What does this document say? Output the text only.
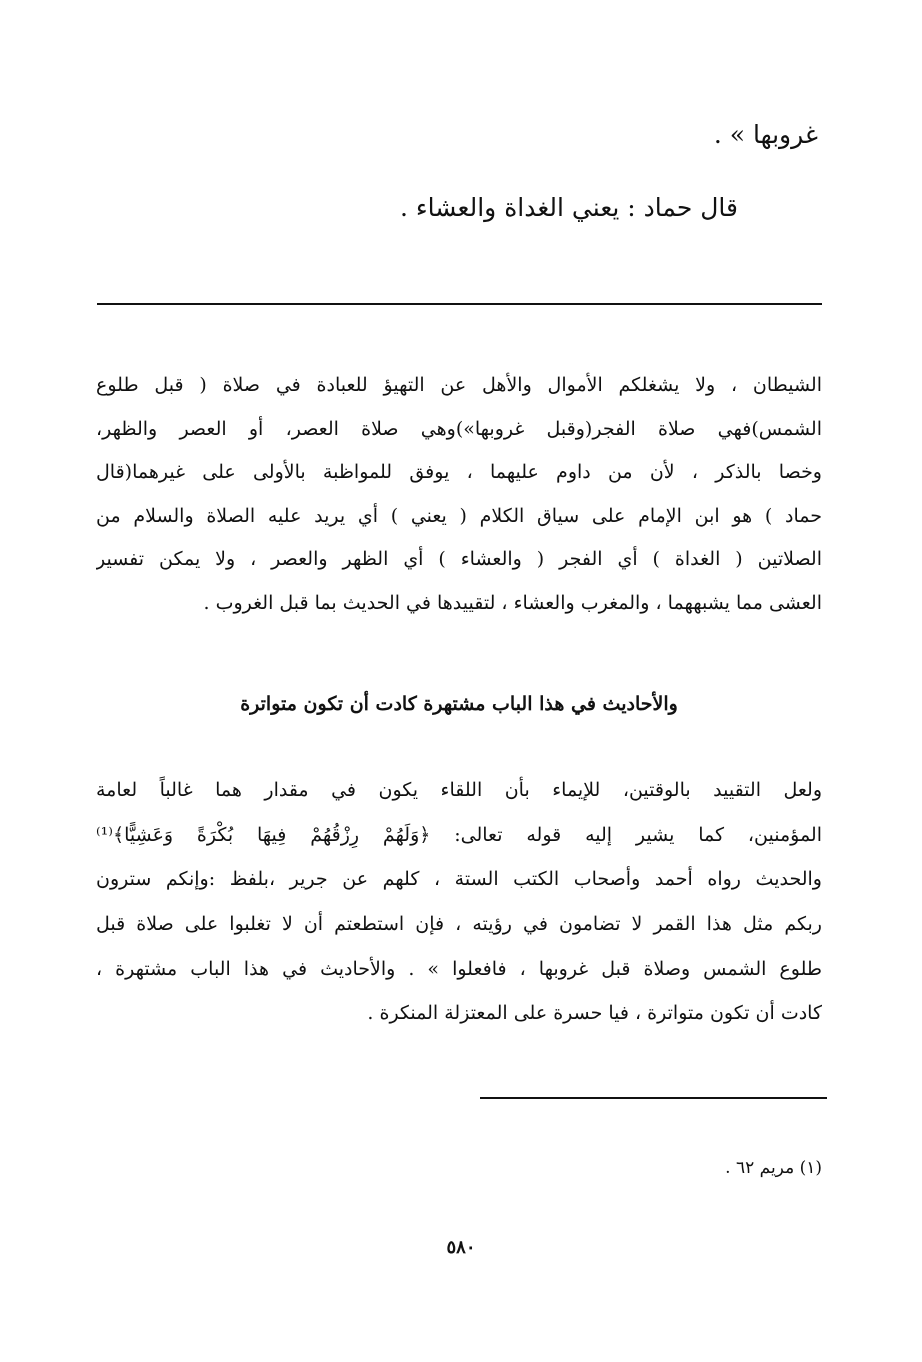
غروبها » .
قال حماد : يعني الغداة والعشاء .
الشيطان ، ولا يشغلكم الأموال والأهل عن التهيؤ للعبادة في صلاة ( قبل طلوع
الشمس)فهي صلاة الفجر(وقبل غروبها»)وهي صلاة العصر، أو العصر والظهر،
وخصا بالذكر ، لأن من داوم عليهما ، يوفق للمواظبة بالأولى على غيرهما(قال
حماد ) هو ابن الإمام على سياق الكلام ( يعني ) أي يريد عليه الصلاة والسلام من
الصلاتين ( الغداة ) أي الفجر ( والعشاء ) أي الظهر والعصر ، ولا يمكن تفسير
العشى مما يشبههما ، والمغرب والعشاء ، لتقييدها في الحديث بما قبل الغروب .
والأحاديث في هذا الباب مشتهرة كادت أن تكون متواترة
ولعل التقييد بالوقتين، للإيماء بأن اللقاء يكون في مقدار هما غالباً لعامة
المؤمنين، كما يشير إليه قوله تعالى: ﴿وَلَهُمْ رِزْقُهُمْ فِيهَا بُكْرَةً وَعَشِيًّا﴾⁽¹⁾
والحديث رواه أحمد وأصحاب الكتب الستة ، كلهم عن جرير ،بلفظ :وإنكم سترون
ربكم مثل هذا القمر لا تضامون في رؤيته ، فإن استطعتم أن لا تغلبوا على صلاة قبل
طلوع الشمس وصلاة قبل غروبها ، فافعلوا » . والأحاديث في هذا الباب مشتهرة ،
كادت أن تكون متواترة ، فيا حسرة على المعتزلة المنكرة .
(١) مريم ٦٢ .
٥٨٠
